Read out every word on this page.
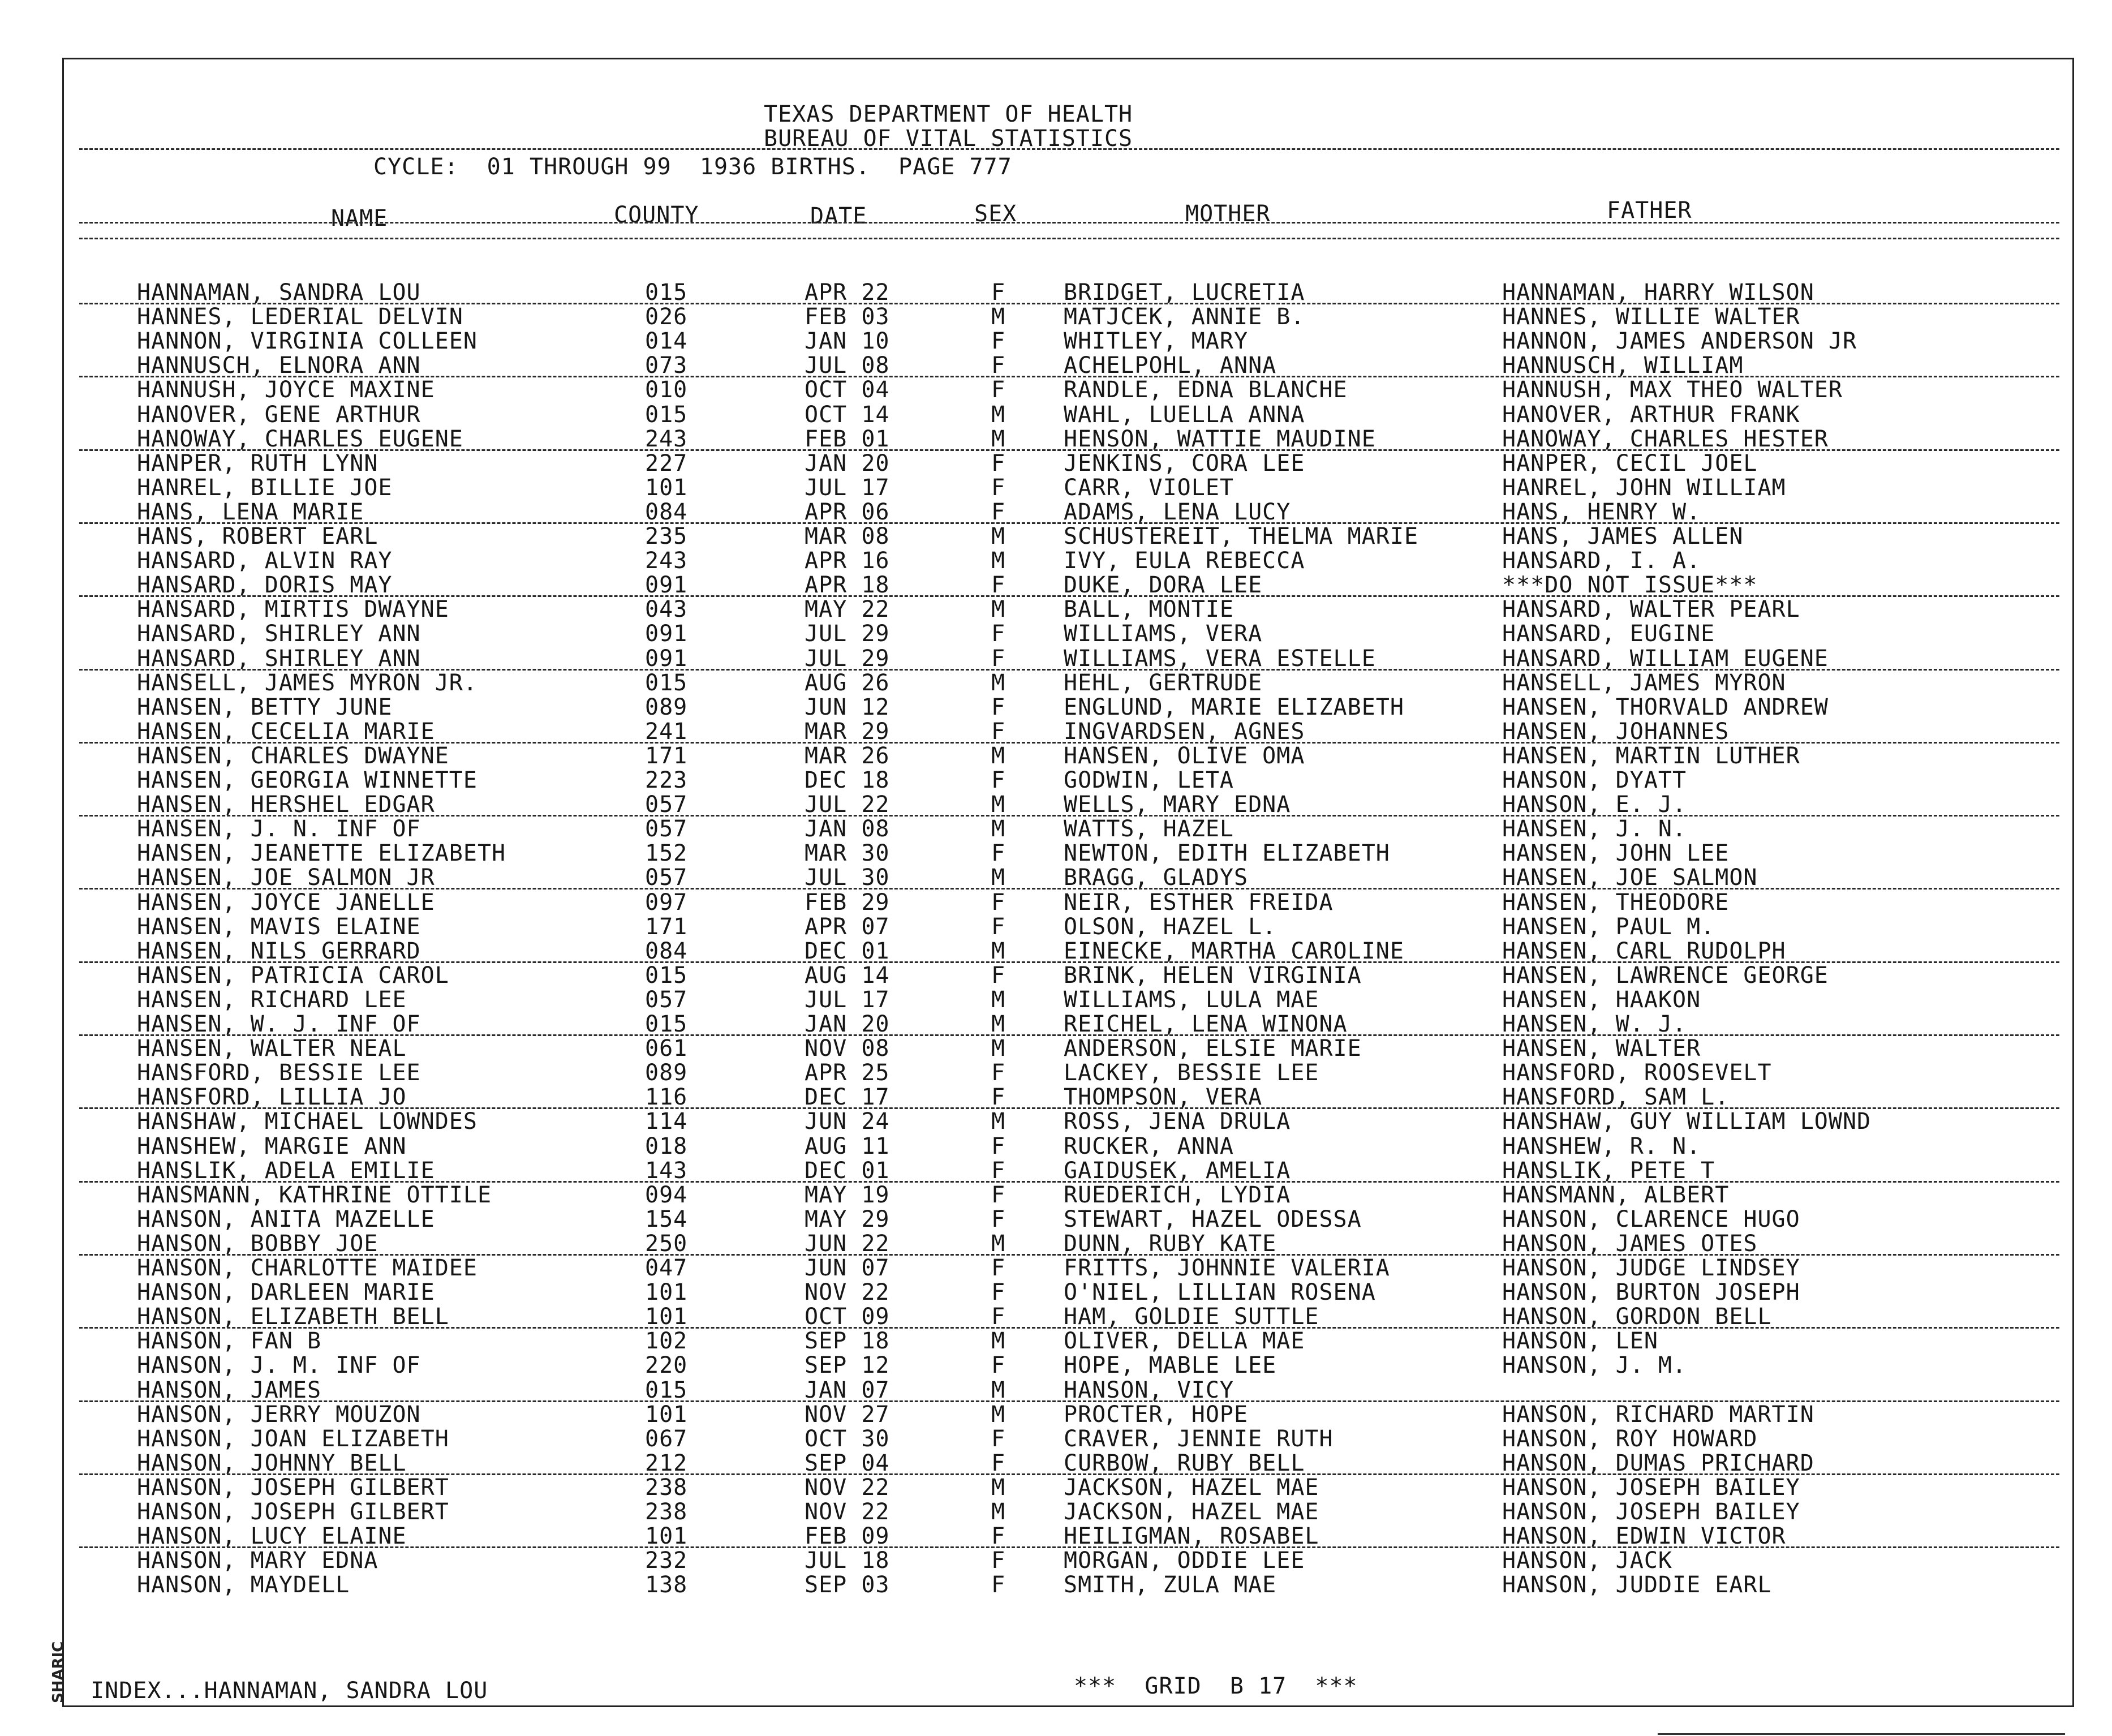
TEXAS DEPARTMENT OF HEALTH
BUREAU OF VITAL STATISTICS
CYCLE:  01 THROUGH 99  1936 BIRTHS.  PAGE 777
NAME	COUNTY	DATE	SEX	MOTHER	FATHER
HANNAMAN, SANDRA LOU	015	APR 22	F	BRIDGET, LUCRETIA	HANNAMAN, HARRY WILSON
HANNES, LEDERIAL DELVIN	026	FEB 03	M	MATJCEK, ANNIE B.	HANNES, WILLIE WALTER
HANNON, VIRGINIA COLLEEN	014	JAN 10	F	WHITLEY, MARY	HANNON, JAMES ANDERSON JR
HANNUSCH, ELNORA ANN	073	JUL 08	F	ACHELPOHL, ANNA	HANNUSCH, WILLIAM
HANNUSH, JOYCE MAXINE	010	OCT 04	F	RANDLE, EDNA BLANCHE	HANNUSH, MAX THEO WALTER
HANOVER, GENE ARTHUR	015	OCT 14	M	WAHL, LUELLA ANNA	HANOVER, ARTHUR FRANK
HANOWAY, CHARLES EUGENE	243	FEB 01	M	HENSON, WATTIE MAUDINE	HANOWAY, CHARLES HESTER
HANPER, RUTH LYNN	227	JAN 20	F	JENKINS, CORA LEE	HANPER, CECIL JOEL
HANREL, BILLIE JOE	101	JUL 17	F	CARR, VIOLET	HANREL, JOHN WILLIAM
HANS, LENA MARIE	084	APR 06	F	ADAMS, LENA LUCY	HANS, HENRY W.
HANS, ROBERT EARL	235	MAR 08	M	SCHUSTEREIT, THELMA MARIE	HANS, JAMES ALLEN
HANSARD, ALVIN RAY	243	APR 16	M	IVY, EULA REBECCA	HANSARD, I. A.
HANSARD, DORIS MAY	091	APR 18	F	DUKE, DORA LEE	***DO NOT ISSUE***
HANSARD, MIRTIS DWAYNE	043	MAY 22	M	BALL, MONTIE	HANSARD, WALTER PEARL
HANSARD, SHIRLEY ANN	091	JUL 29	F	WILLIAMS, VERA	HANSARD, EUGINE
HANSARD, SHIRLEY ANN	091	JUL 29	F	WILLIAMS, VERA ESTELLE	HANSARD, WILLIAM EUGENE
HANSELL, JAMES MYRON JR.	015	AUG 26	M	HEHL, GERTRUDE	HANSELL, JAMES MYRON
HANSEN, BETTY JUNE	089	JUN 12	F	ENGLUND, MARIE ELIZABETH	HANSEN, THORVALD ANDREW
HANSEN, CECELIA MARIE	241	MAR 29	F	INGVARDSEN, AGNES	HANSEN, JOHANNES
HANSEN, CHARLES DWAYNE	171	MAR 26	M	HANSEN, OLIVE OMA	HANSEN, MARTIN LUTHER
HANSEN, GEORGIA WINNETTE	223	DEC 18	F	GODWIN, LETA	HANSON, DYATT
HANSEN, HERSHEL EDGAR	057	JUL 22	M	WELLS, MARY EDNA	HANSON, E. J.
HANSEN, J. N. INF OF	057	JAN 08	M	WATTS, HAZEL	HANSEN, J. N.
HANSEN, JEANETTE ELIZABETH	152	MAR 30	F	NEWTON, EDITH ELIZABETH	HANSEN, JOHN LEE
HANSEN, JOE SALMON JR	057	JUL 30	M	BRAGG, GLADYS	HANSEN, JOE SALMON
HANSEN, JOYCE JANELLE	097	FEB 29	F	NEIR, ESTHER FREIDA	HANSEN, THEODORE
HANSEN, MAVIS ELAINE	171	APR 07	F	OLSON, HAZEL L.	HANSEN, PAUL M.
HANSEN, NILS GERRARD	084	DEC 01	M	EINECKE, MARTHA CAROLINE	HANSEN, CARL RUDOLPH
HANSEN, PATRICIA CAROL	015	AUG 14	F	BRINK, HELEN VIRGINIA	HANSEN, LAWRENCE GEORGE
HANSEN, RICHARD LEE	057	JUL 17	M	WILLIAMS, LULA MAE	HANSEN, HAAKON
HANSEN, W. J. INF OF	015	JAN 20	M	REICHEL, LENA WINONA	HANSEN, W. J.
HANSEN, WALTER NEAL	061	NOV 08	M	ANDERSON, ELSIE MARIE	HANSEN, WALTER
HANSFORD, BESSIE LEE	089	APR 25	F	LACKEY, BESSIE LEE	HANSFORD, ROOSEVELT
HANSFORD, LILLIA JO	116	DEC 17	F	THOMPSON, VERA	HANSFORD, SAM L.
HANSHAW, MICHAEL LOWNDES	114	JUN 24	M	ROSS, JENA DRULA	HANSHAW, GUY WILLIAM LOWND
HANSHEW, MARGIE ANN	018	AUG 11	F	RUCKER, ANNA	HANSHEW, R. N.
HANSLIK, ADELA EMILIE	143	DEC 01	F	GAIDUSEK, AMELIA	HANSLIK, PETE T
HANSMANN, KATHRINE OTTILE	094	MAY 19	F	RUEDERICH, LYDIA	HANSMANN, ALBERT
HANSON, ANITA MAZELLE	154	MAY 29	F	STEWART, HAZEL ODESSA	HANSON, CLARENCE HUGO
HANSON, BOBBY JOE	250	JUN 22	M	DUNN, RUBY KATE	HANSON, JAMES OTES
HANSON, CHARLOTTE MAIDEE	047	JUN 07	F	FRITTS, JOHNNIE VALERIA	HANSON, JUDGE LINDSEY
HANSON, DARLEEN MARIE	101	NOV 22	F	O'NIEL, LILLIAN ROSENA	HANSON, BURTON JOSEPH
HANSON, ELIZABETH BELL	101	OCT 09	F	HAM, GOLDIE SUTTLE	HANSON, GORDON BELL
HANSON, FAN B	102	SEP 18	M	OLIVER, DELLA MAE	HANSON, LEN
HANSON, J. M. INF OF	220	SEP 12	F	HOPE, MABLE LEE	HANSON, J. M.
HANSON, JAMES	015	JAN 07	M	HANSON, VICY
HANSON, JERRY MOUZON	101	NOV 27	M	PROCTER, HOPE	HANSON, RICHARD MARTIN
HANSON, JOAN ELIZABETH	067	OCT 30	F	CRAVER, JENNIE RUTH	HANSON, ROY HOWARD
HANSON, JOHNNY BELL	212	SEP 04	F	CURBOW, RUBY BELL	HANSON, DUMAS PRICHARD
HANSON, JOSEPH GILBERT	238	NOV 22	M	JACKSON, HAZEL MAE	HANSON, JOSEPH BAILEY
HANSON, JOSEPH GILBERT	238	NOV 22	M	JACKSON, HAZEL MAE	HANSON, JOSEPH BAILEY
HANSON, LUCY ELAINE	101	FEB 09	F	HEILIGMAN, ROSABEL	HANSON, EDWIN VICTOR
HANSON, MARY EDNA	232	JUL 18	F	MORGAN, ODDIE LEE	HANSON, JACK
HANSON, MAYDELL	138	SEP 03	F	SMITH, ZULA MAE	HANSON, JUDDIE EARL
INDEX...HANNAMAN, SANDRA LOU	***  GRID  B 17  ***
SHARIC
